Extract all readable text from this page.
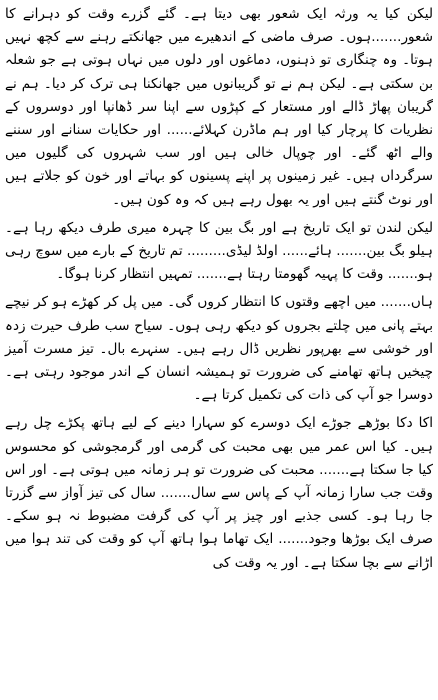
لیکن کیا یہ ورثہ ایک شعور بھی دیتا ہے۔ گئے گزرے وقت کو دہرانے کا شعور.......ہوں۔ صرف ماضی کے اندھیرے میں جھانکتے رہنے سے کچھ نہیں ہوتا۔ وہ چنگاری تو ذہنوں، دماغوں اور دلوں میں نہاں ہوتی ہے جو شعلہ بن سکتی ہے۔ لیکن ہم نے تو گریبانوں میں جھانکنا ہی ترک کر دیا۔ ہم نے گریبان پھاڑ ڈالے اور مستعار کے کپڑوں سے اپنا سر ڈھانپا اور دوسروں کے نظریات کا پرچار کیا اور ہم ماڈرن کہلائے...... اور حکایات سنانے اور سننے والے اٹھ گئے۔ اور چوپال خالی ہیں اور سب شہروں کی گلیوں میں سرگرداں ہیں۔ غیر زمینوں پر اپنے پسینوں کو بہاتے اور خون کو جلاتے ہیں اور نوٹ گنتے ہیں اور یہ بھول رہے ہیں کہ وہ کون ہیں۔

لیکن لندن تو ایک تاریخ ہے اور بگ بین کا چہرہ میری طرف دیکھ رہا ہے۔ ہیلو بگ بین....... ہائے...... اولڈ لیڈی......... تم تاریخ کے بارے میں سوچ رہی ہو....... وقت کا پہیہ گھومتا رہتا ہے....... تمہیں انتظار کرنا ہوگا۔

ہاں....... میں اچھے وقتوں کا انتظار کروں گی۔ میں پل کر کھڑے ہو کر نیچے بہتے پانی میں چلتے بجروں کو دیکھ رہی ہوں۔ سیاح سب طرف حیرت زدہ اور خوشی سے بھرپور نظریں ڈال رہے ہیں۔ سنہرے بال۔ تیز مسرت آمیز چیخیں ہاتھ تھامنے کی ضرورت تو ہمیشہ انسان کے اندر موجود رہتی ہے۔ دوسرا جو آپ کی ذات کی تکمیل کرتا ہے۔

اکا دکا بوڑھے جوڑے ایک دوسرے کو سہارا دینے کے لیے ہاتھ پکڑے چل رہے ہیں۔ کیا اس عمر میں بھی محبت کی گرمی اور گرمجوشی کو محسوس کیا جا سکتا ہے....... محبت کی ضرورت تو ہر زمانہ میں ہوتی ہے۔ اور اس وقت جب سارا زمانہ آپ کے پاس سے سال....... سال کی تیز آواز سے گزرتا جا رہا ہو۔ کسی جذبے اور چیز پر آپ کی گرفت مضبوط نہ ہو سکے۔ صرف ایک بوڑھا وجود....... ایک تھاما ہوا ہاتھ آپ کو وقت کی تند ہوا میں اڑانے سے بچا سکتا ہے۔ اور یہ وقت کی
